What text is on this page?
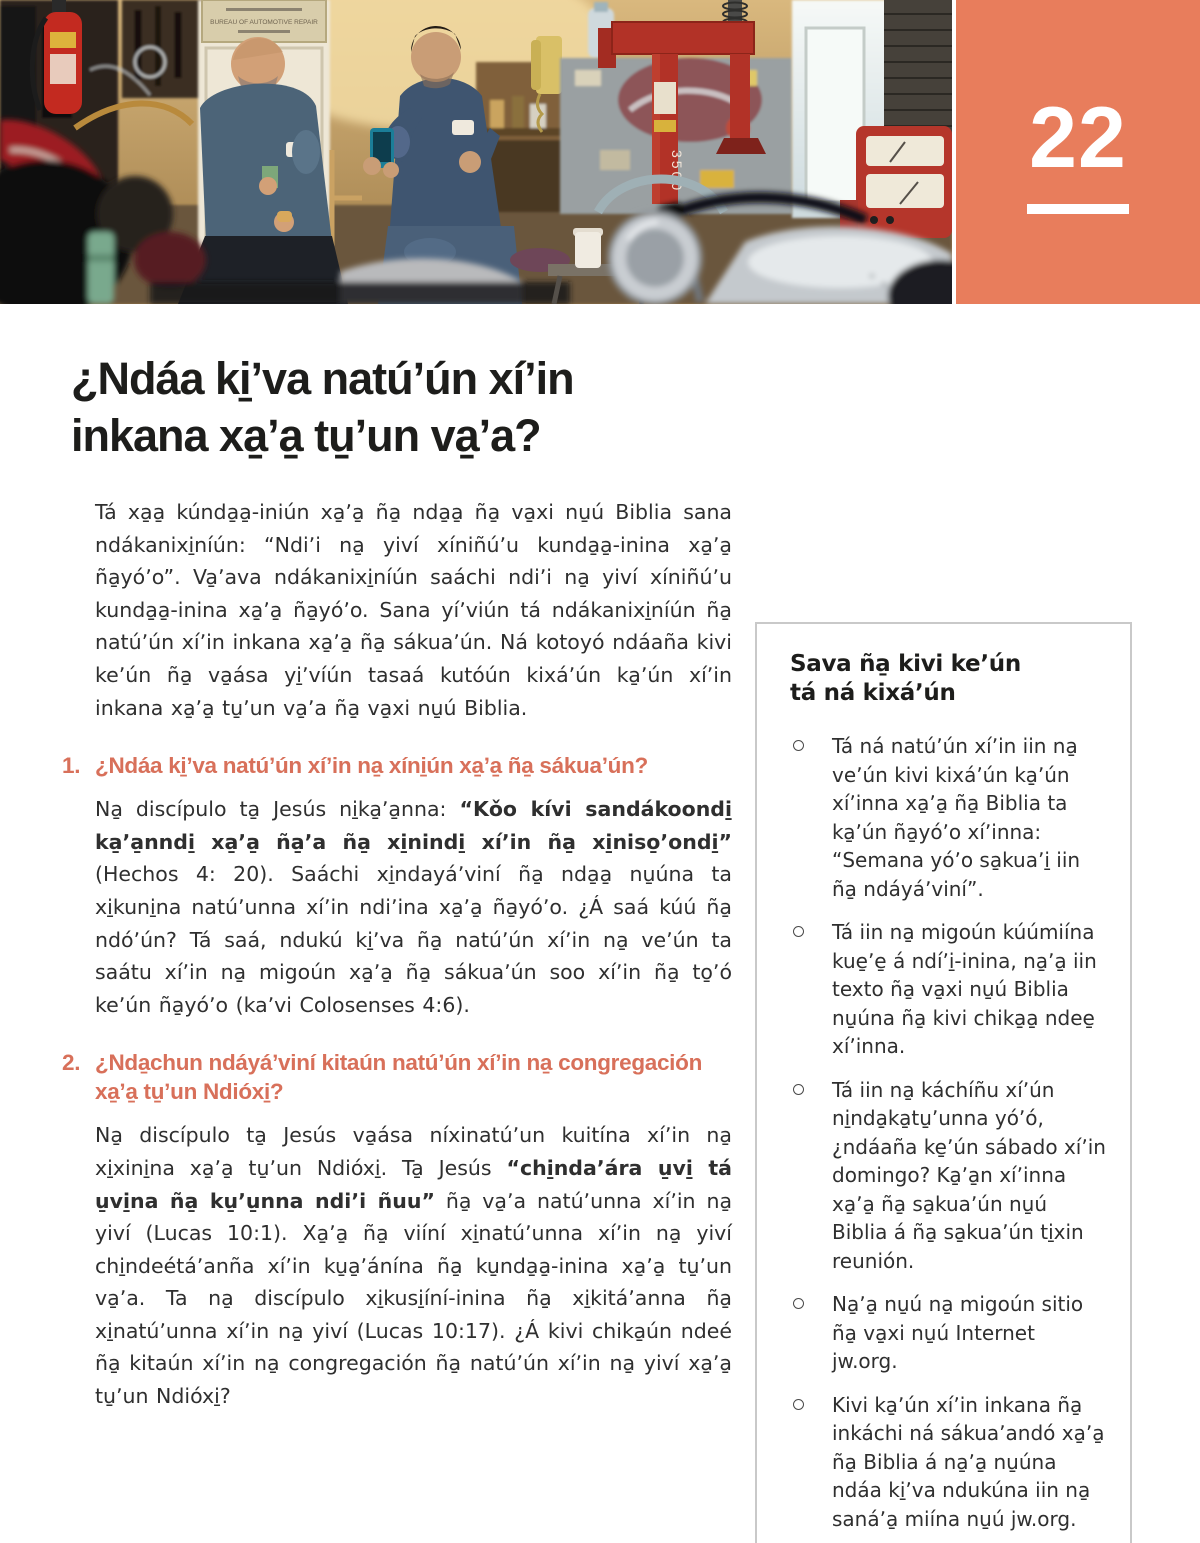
BUREAU OF AUTOMOTIVE REPAIR
3500	22
¿Ndáa ki̱ʼva natúʼún xíʼin
inkana xa̱ʼa̱ tu̱ʼun va̱ʼa?

Tá xa̱a̱ kúnda̱a̱-iniún xa̱ʼa̱ ña̱ nda̱a̱ ña̱ va̱xi nu̱ú Biblia sana ndákanixi̱níún: “Ndiʼi na̱ yiví xíniñúʼu kunda̱a̱-inina xa̱ʼa̱ ña̱yóʼo”. Va̱ʼava ndákanixi̱níún saáchi ndiʼi na̱ yiví xíniñúʼu kunda̱a̱-inina xa̱ʼa̱ ña̱yóʼo. Sana yíʼviún tá ndákanixi̱níún ña̱ natúʼún xíʼin inkana xa̱ʼa̱ ña̱ sákuaʼún. Ná kotoyó ndáaña kivi keʼún ña̱ va̱ása yi̱ʼvíún tasaá kutóún kixáʼún ka̱ʼún xíʼin inkana xa̱ʼa̱ tu̱ʼun va̱ʼa ña̱ va̱xi nu̱ú Biblia.

1. ¿Ndáa ki̱ʼva natúʼún xíʼin na̱ xíni̱ún xa̱ʼa̱ ña̱ sákuaʼún?

Na̱ discípulo ta̱ Jesús ni̱ka̱ʼa̱nna: “Kǒo kívi sandákoondi̱ ka̱ʼa̱nndi̱ xa̱ʼa̱ ña̱ʼa ña̱ xi̱nindi̱ xíʼin ña̱ xi̱niso̱ʼondi̱” (Hechos 4: 20). Saáchi xi̱ndayáʼviní ña̱ nda̱a̱ nu̱úna ta xi̱kuni̱na natúʼunna xíʼin ndiʼina xa̱ʼa̱ ña̱yóʼo. ¿Á saá kúú ña̱ ndóʼún? Tá saá, ndukú ki̱ʼva ña̱ natúʼún xíʼin na̱ veʼún ta saátu xíʼin na̱ migoún xa̱ʼa̱ ña̱ sákuaʼún soo xíʼin ña̱ to̱ʼó keʼún ña̱yóʼo (kaʼvi Colosenses 4:6).

2. ¿Nda̱chun ndáyáʼviní kitaún natúʼún xíʼin na̱ congregación xa̱ʼa̱ tu̱ʼun Ndióxi̱?

Na̱ discípulo ta̱ Jesús va̱ása níxinatúʼun kuitína xíʼin na̱ xi̱xini̱na xa̱ʼa̱ tu̱ʼun Ndióxi̱. Ta̱ Jesús “chi̱ndaʼára u̱vi̱ tá u̱vi̱na ña̱ ku̱ʼu̱nna ndiʼi ñuu” ña̱ va̱ʼa natúʼunna xíʼin na̱ yiví (Lucas 10:1). Xa̱ʼa̱ ña̱ viíní xi̱natúʼunna xíʼin na̱ yiví chi̱ndeétáʼanña xíʼin ku̱a̱ʼánína ña̱ ku̱nda̱a̱-inina xa̱ʼa̱ tu̱ʼun va̱ʼa. Ta na̱ discípulo xi̱kusi̱íní-inina ña̱ xi̱kitáʼanna ña̱ xi̱natúʼunna xíʼin na̱ yiví (Lucas 10:17). ¿Á kivi chika̱ún ndeé ña̱ kitaún xíʼin na̱ congregación ña̱ natúʼún xíʼin na̱ yiví xa̱ʼa̱ tu̱ʼun Ndióxi̱?

Sava ña̱ kivi keʼún
tá ná kixáʼún
Tá ná natúʼún xíʼin iin na̱ veʼún kivi kixáʼún ka̱ʼún xíʼinna xa̱ʼa̱ ña̱ Biblia ta ka̱ʼún ña̱yóʼo xíʼinna: “Semana yóʼo sa̱kuaʼi̱ iin ña̱ ndáyáʼviní”.
Tá iin na̱ migoún kúúmiína kue̱ʼe̱ á ndíʼi̱-inina, na̱ʼa̱ iin texto ña̱ va̱xi nu̱ú Biblia nu̱úna ña̱ kivi chika̱a̱ ndee̱ xíʼinna.
Tá iin na̱ káchíñu xíʼún ni̱nda̱ka̱tu̱ʼunna yóʼó, ¿ndáaña ke̱ʼún sábado xíʼin domingo? Ka̱ʼa̱n xíʼinna xa̱ʼa̱ ña̱ sa̱kuaʼún nu̱ú Biblia á ña̱ sa̱kuaʼún ti̱xin reunión.
Na̱ʼa̱ nu̱ú na̱ migoún sitio ña̱ va̱xi nu̱ú Internet jw.org.
Kivi ka̱ʼún xíʼin inkana ña̱ inkáchi ná sákuaʼandó xa̱ʼa̱ ña̱ Biblia á na̱ʼa̱ nu̱úna ndáa ki̱ʼva ndukúna iin na̱ sanáʼa̱ miína nu̱ú jw.org.
